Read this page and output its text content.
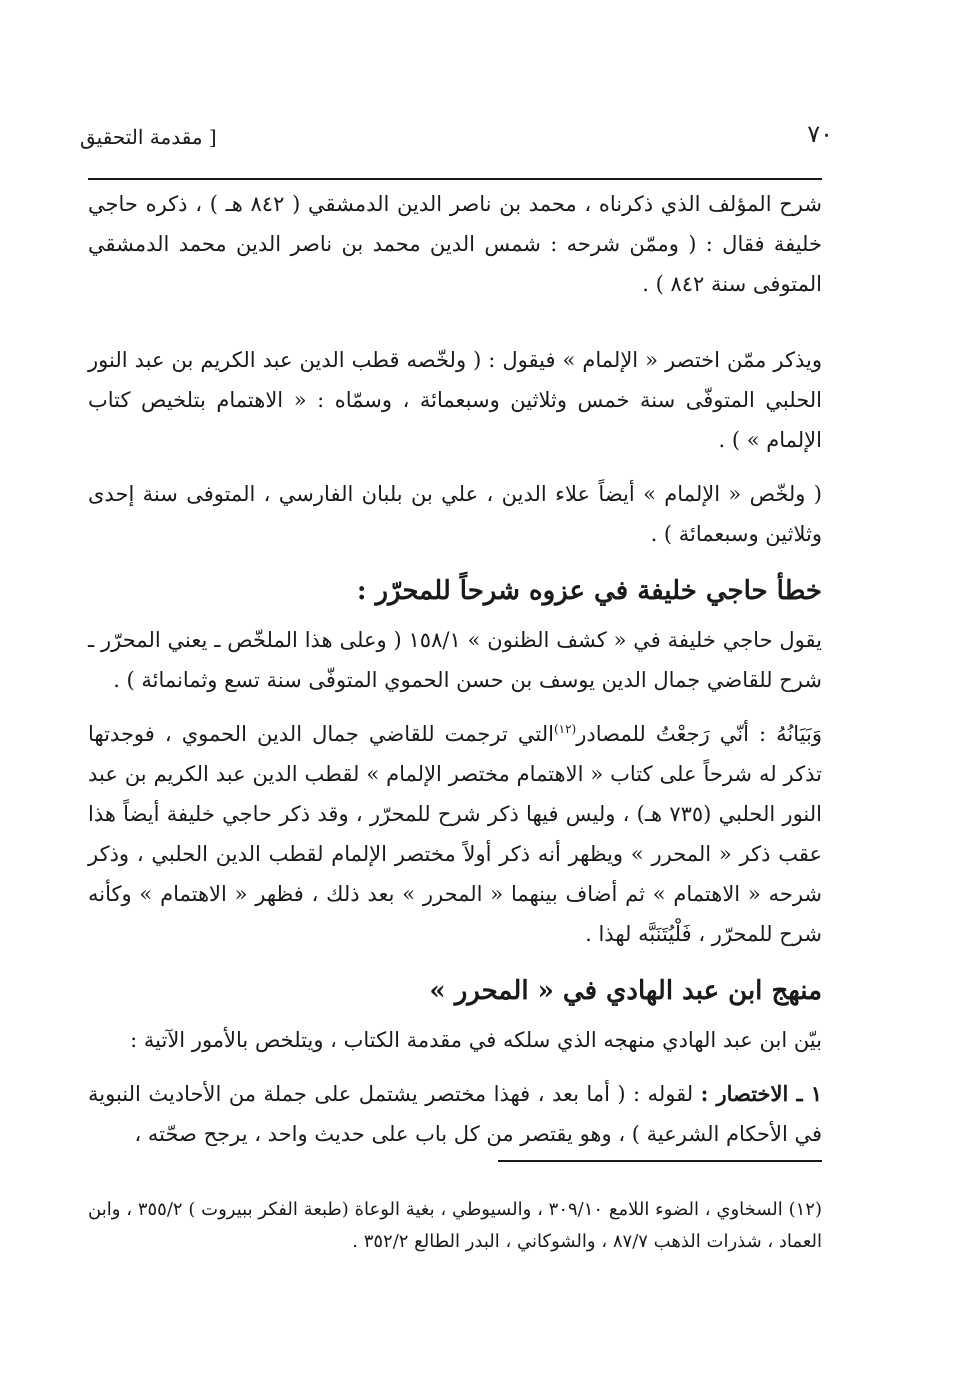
٧٠
[ مقدمة التحقيق

شرح المؤلف الذي ذكرناه ، محمد بن ناصر الدين الدمشقي ( ٨٤٢ هـ ) ، ذكره حاجي خليفة فقال : ( وممّن شرحه : شمس الدين محمد بن ناصر الدين محمد الدمشقي المتوفى سنة ٨٤٢ ) .

ويذكر ممّن اختصر « الإلمام » فيقول : ( ولخّصه قطب الدين عبد الكريم بن عبد النور الحلبي المتوفّى سنة خمس وثلاثين وسبعمائة ، وسمّاه : « الاهتمام بتلخيص كتاب الإلمام » ) .

( ولخّص « الإلمام » أيضاً علاء الدين ، علي بن بلبان الفارسي ، المتوفى سنة إحدى وثلاثين وسبعمائة ) .

خطأ حاجي خليفة في عزوه شرحاً للمحرّر :

يقول حاجي خليفة في « كشف الظنون » ١٥٨/١ ( وعلى هذا الملخّص ـ يعني المحرّر ـ شرح للقاضي جمال الدين يوسف بن حسن الحموي المتوفّى سنة تسع وثمانمائة ) .

وَبَيَانُهُ : أنّي رَجعْتُ للمصادر$^{(١٢)}$التي ترجمت للقاضي جمال الدين الحموي ، فوجدتها تذكر له شرحاً على كتاب « الاهتمام مختصر الإلمام » لقطب الدين عبد الكريم بن عبد النور الحلبي (٧٣٥ هـ) ، وليس فيها ذكر شرح للمحرّر ، وقد ذكر حاجي خليفة أيضاً هذا عقب ذكر « المحرر » ويظهر أنه ذكر أولاً مختصر الإلمام لقطب الدين الحلبي ، وذكر شرحه « الاهتمام » ثم أضاف بينهما « المحرر » بعد ذلك ، فظهر « الاهتمام » وكأنه شرح للمحرّر ، فَلْيُتَنَبَّه لهذا .

منهج ابن عبد الهادي في « المحرر »

بيّن ابن عبد الهادي منهجه الذي سلكه في مقدمة الكتاب ، ويتلخص بالأمور الآتية :

١ ـ الاختصار : لقوله : ( أما بعد ، فهذا مختصر يشتمل على جملة من الأحاديث النبوية في الأحكام الشرعية ) ، وهو يقتصر من كل باب على حديث واحد ، يرجح صحّته ،

(١٢) السخاوي ، الضوء اللامع ٣٠٩/١٠ ، والسيوطي ، بغية الوعاة (طبعة الفكر ببيروت ) ٣٥٥/٢ ، وابن العماد ، شذرات الذهب ٨٧/٧ ، والشوكاني ، البدر الطالع ٣٥٢/٢ .
